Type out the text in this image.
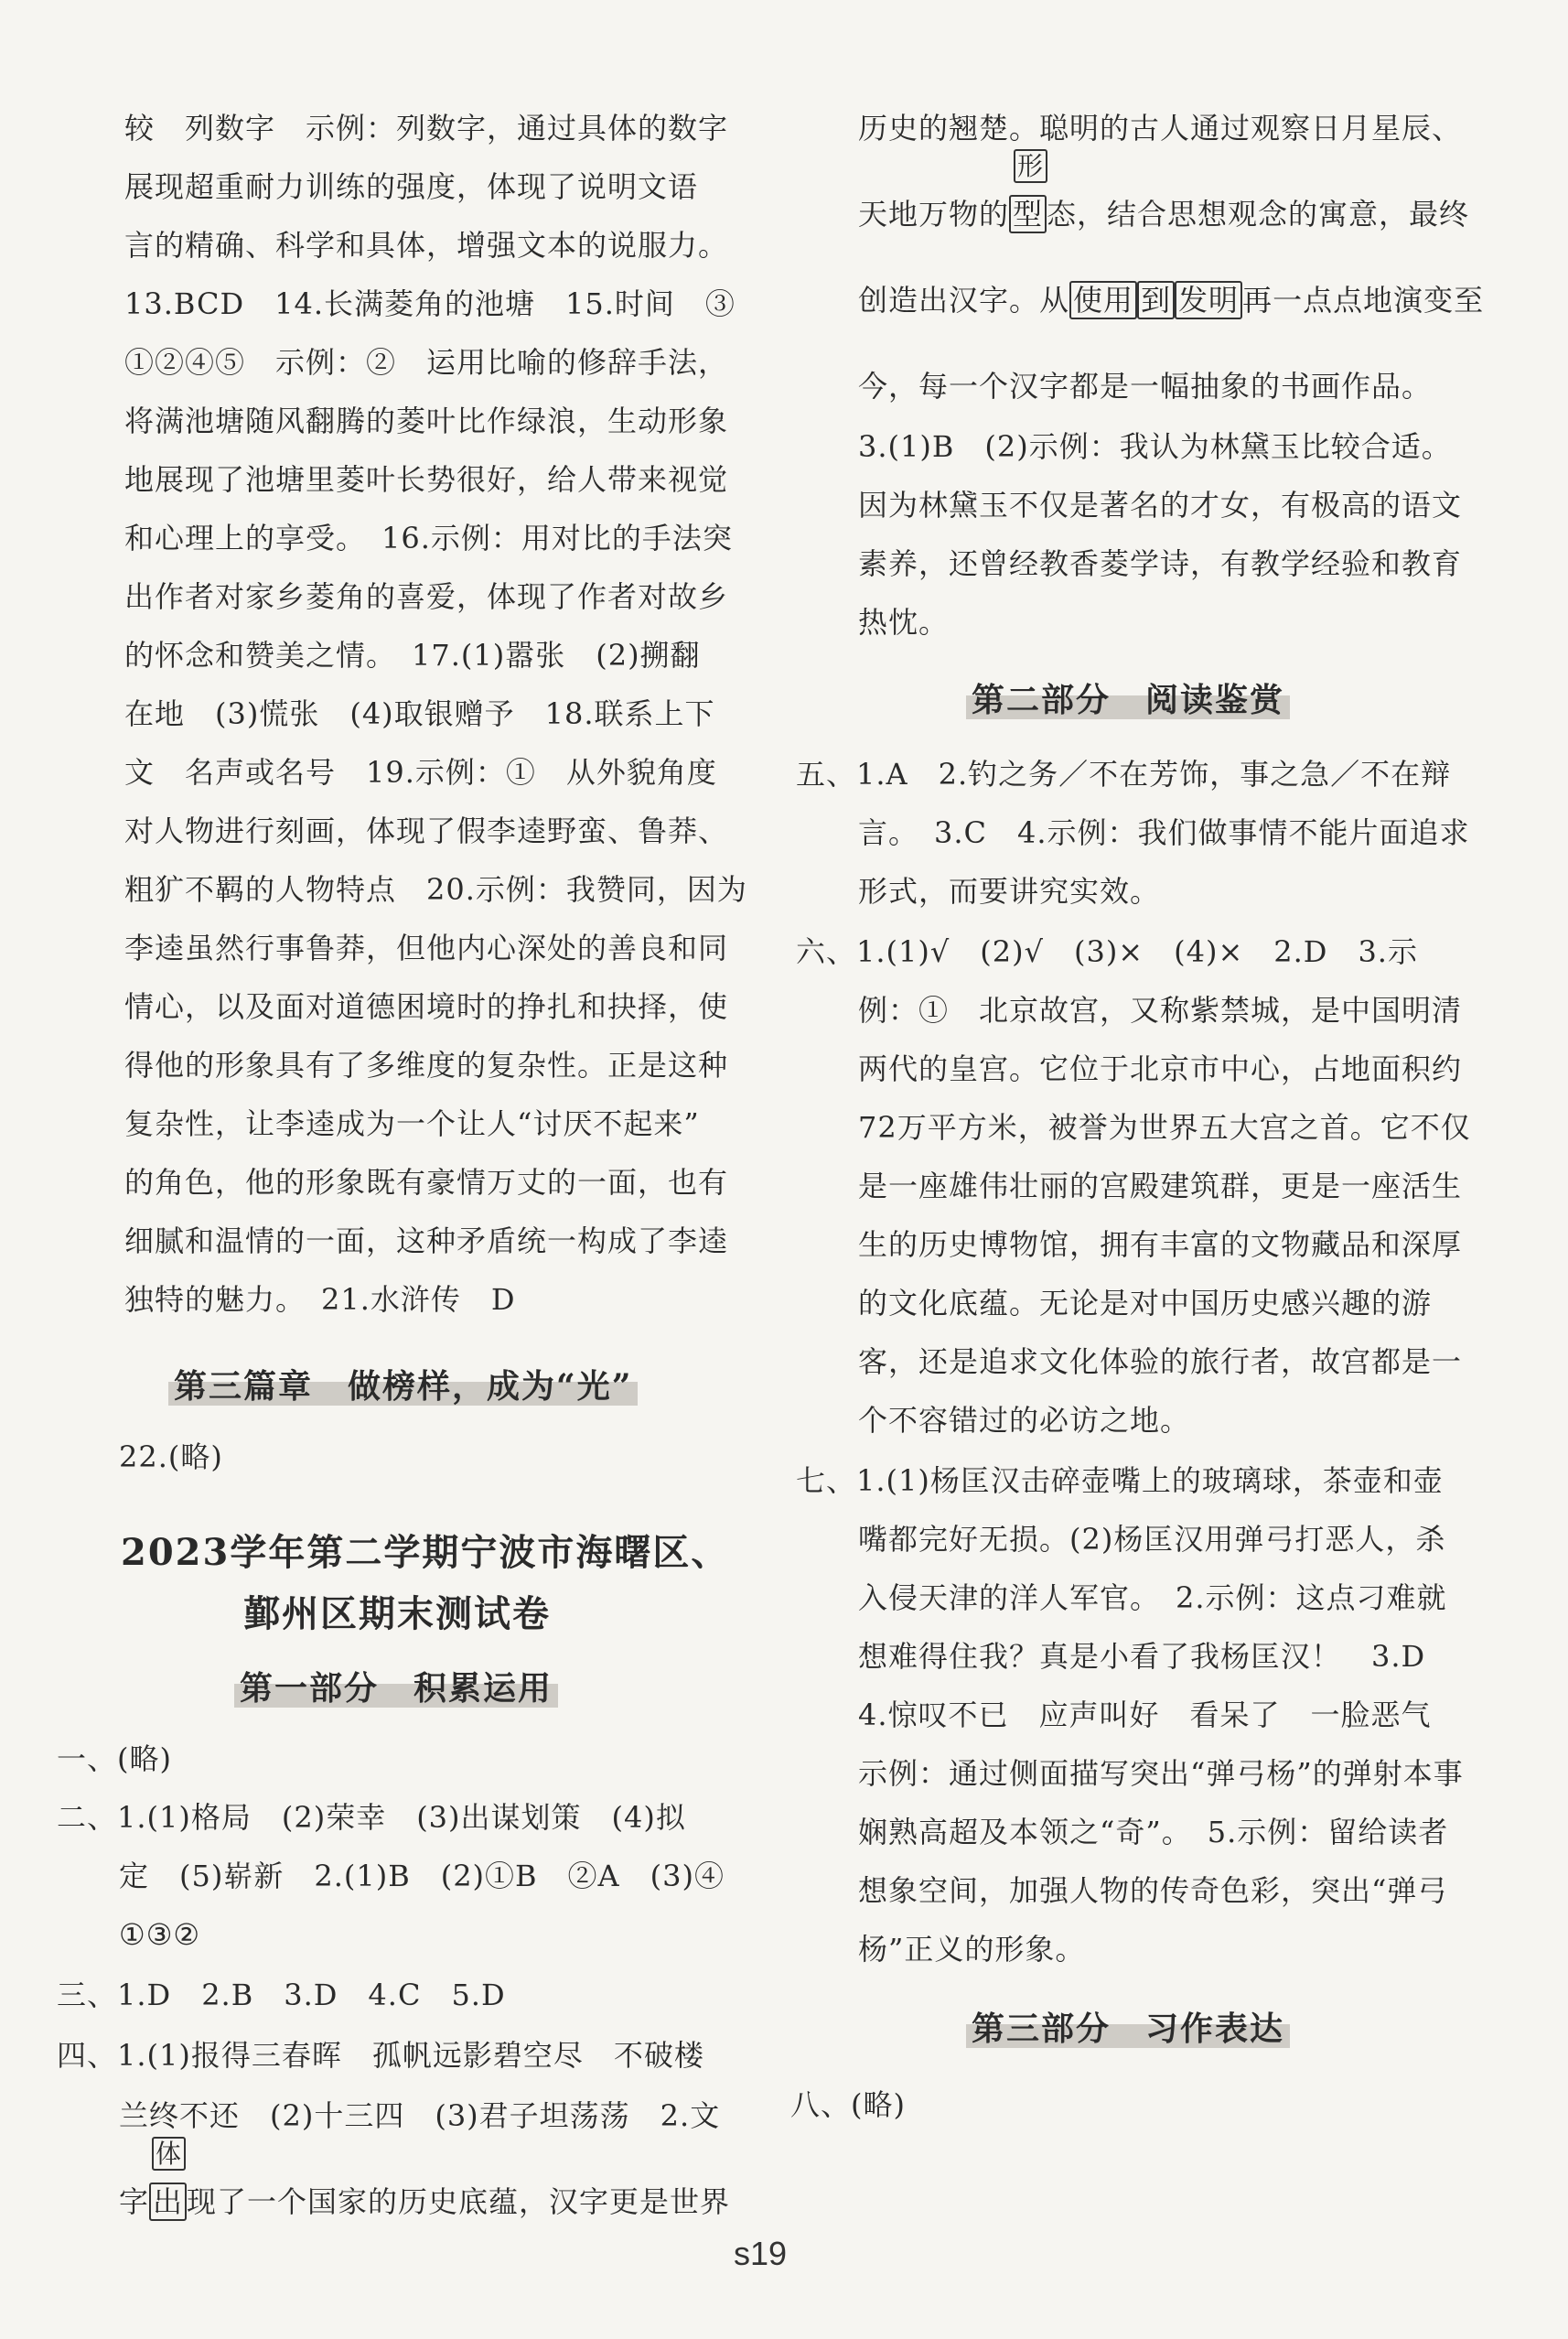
较　列数字　示例：列数字，通过具体的数字
展现超重耐力训练的强度，体现了说明文语
言的精确、科学和具体，增强文本的说服力。
13.BCD　14.长满菱角的池塘　15.时间　③
①②④⑤　示例：②　运用比喻的修辞手法，
将满池塘随风翻腾的菱叶比作绿浪，生动形象
地展现了池塘里菱叶长势很好，给人带来视觉
和心理上的享受。　16.示例：用对比的手法突
出作者对家乡菱角的喜爱，体现了作者对故乡
的怀念和赞美之情。　17.(1)嚣张　(2)搠翻
在地　(3)慌张　(4)取银赠予　18.联系上下
文　名声或名号　19.示例：①　从外貌角度
对人物进行刻画，体现了假李逵野蛮、鲁莽、
粗犷不羁的人物特点　20.示例：我赞同，因为
李逵虽然行事鲁莽，但他内心深处的善良和同
情心，以及面对道德困境时的挣扎和抉择，使
得他的形象具有了多维度的复杂性。正是这种
复杂性，让李逵成为一个让人“讨厌不起来”
的角色，他的形象既有豪情万丈的一面，也有
细腻和温情的一面，这种矛盾统一构成了李逵
独特的魅力。　21.水浒传　D
第三篇章　做榜样，成为“光”
22.(略)
2023学年第二学期宁波市海曙区、
鄞州区期末测试卷
第一部分　积累运用
一、(略)
二、1.(1)格局　(2)荣幸　(3)出谋划策　(4)拟
定　(5)崭新　2.(1)B　(2)①B　②A　(3)④
①③②
三、1.D　2.B　3.D　4.C　5.D
四、1.(1)报得三春晖　孤帆远影碧空尽　不破楼
兰终不还　(2)十三四　(3)君子坦荡荡　2.文
体
字 出 现了一个国家的历史底蕴，汉字更是世界
历史的翘楚。聪明的古人通过观察日月星辰、
形
天地万物的 型 态，结合思想观念的寓意，最终
创造出汉字。从 使用 到 发明 再一点点地演变至
今，每一个汉字都是一幅抽象的书画作品。
3.(1)B　(2)示例：我认为林黛玉比较合适。
因为林黛玉不仅是著名的才女，有极高的语文
素养，还曾经教香菱学诗，有教学经验和教育
热忱。
第二部分　阅读鉴赏
五、1.A　2.钓之务／不在芳饰，事之急／不在辩
言。　3.C　4.示例：我们做事情不能片面追求
形式，而要讲究实效。
六、1.(1)√　(2)√　(3)×　(4)×　2.D　3.示
例：①　北京故宫，又称紫禁城，是中国明清
两代的皇宫。它位于北京市中心，占地面积约
72万平方米，被誉为世界五大宫之首。它不仅
是一座雄伟壮丽的宫殿建筑群，更是一座活生
生的历史博物馆，拥有丰富的文物藏品和深厚
的文化底蕴。无论是对中国历史感兴趣的游
客，还是追求文化体验的旅行者，故宫都是一
个不容错过的必访之地。
七、1.(1)杨匡汉击碎壶嘴上的玻璃球，茶壶和壶
嘴都完好无损。(2)杨匡汉用弹弓打恶人，杀
入侵天津的洋人军官。　2.示例：这点刁难就
想难得住我？真是小看了我杨匡汉！　3.D
4.惊叹不已　应声叫好　看呆了　一脸恶气
示例：通过侧面描写突出“弹弓杨”的弹射本事
娴熟高超及本领之“奇”。　5.示例：留给读者
想象空间，加强人物的传奇色彩，突出“弹弓
杨”正义的形象。
第三部分　习作表达
八、(略)
s19
